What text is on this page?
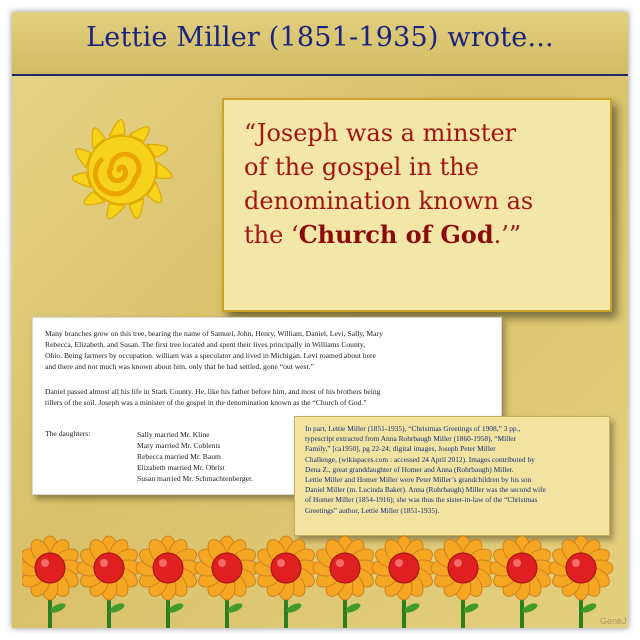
Lettie Miller (1851-1935) wrote...
“Joseph was a minster
of the gospel in the
denomination known as
the ‘Church of God.’”
Many branches grew on this tree, bearing the name of Samuel, John, Henry, William, Daniel, Levi, Sally, Mary
Rebecca, Elizabeth, and Susan. The first tree located and spent their lives principally in Williams County,
Ohio. Being farmers by occupation. william was a speculator and lived in Michigan. Levi roamed about here
and there and not much was known about him, only that he had settled, gone “out west.”
Daniel passed almost all his life in Stark County. He, like his father before him, and most of his brothers being
tillers of the soil. Joseph was a minister of the gospel in the denomination known as the “Church of God.”
The daughters:	Sally married Mr. Kline
Mary married Mr. Coblents
Rebecca married Mr. Baum
Elizabeth married Mr. Obrist
Susan married Mr. Schmachtenberger.
In part, Lettie Miller (1851-1935), “Christmas Greetings of 1908,” 3 pp.,
typescript extracted from Anna Rohrbaugh Miller (1860-1958), “Miller
Family,” [ca1950], pg 22-24; digital images, Joseph Peter Miller
Challenge, (wikispaces.com : accessed 24 April 2012). Images contributed by
Dena Z., great granddaughter of Homer and Anna (Rohrbaugh) Miller.
Lettie Miller and Homer Miller were Peter Miller’s grandchildren by his son
Daniel Miller (m. Lucinda Baker). Anna (Rohrbaugh) Miller was the second wife
of Homer Miller (1854-1916); she was thus the sister-in-law of the “Christmas
Greetings” author, Lettie Miller (1851-1935).
GeneJ
